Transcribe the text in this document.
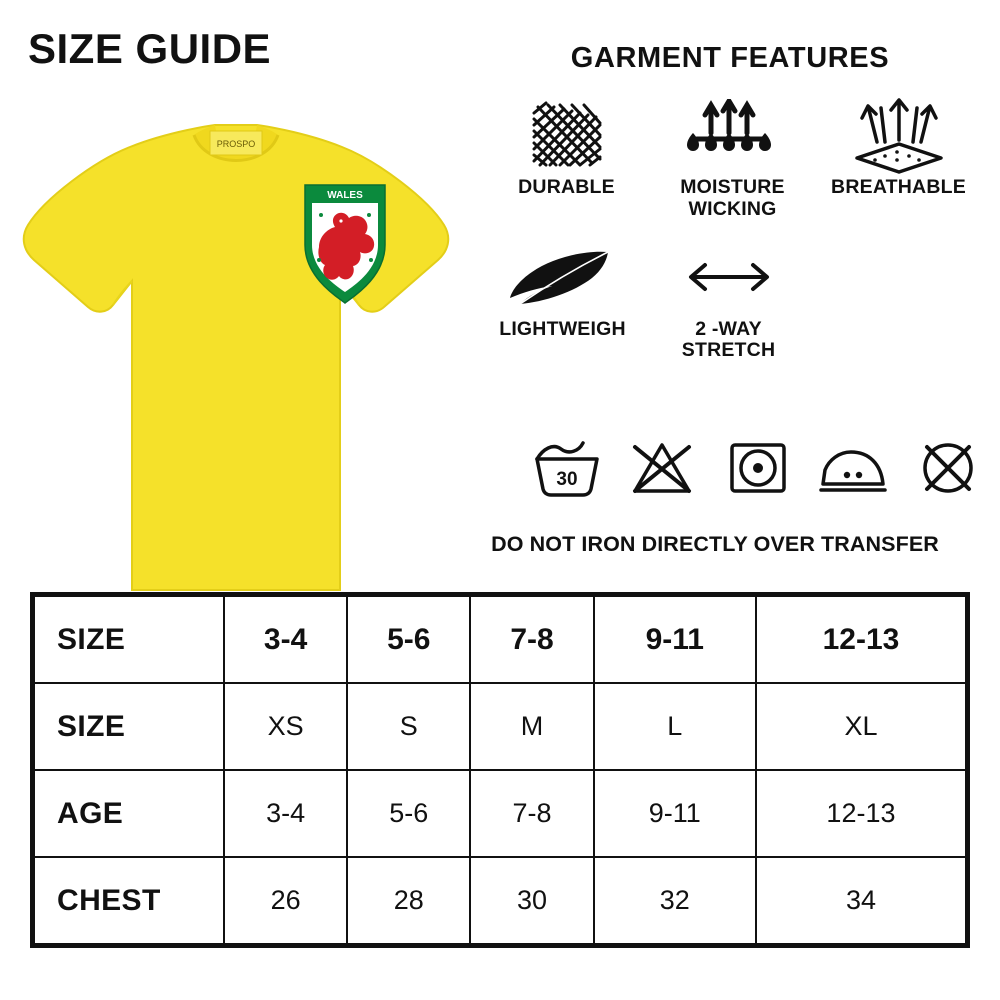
SIZE GUIDE	GARMENT FEATURES
PROSPO
WALES	DURABLE	MOISTURE WICKING
BREATHABLE
LIGHTWEIGH	2 -WAY STRETCH
30
DO NOT IRON DIRECTLY OVER TRANSFER
SIZE	3-4	5-6	7-8	9-11	12-13
SIZE	XS	S	M	L	XL
AGE	3-4	5-6	7-8	9-11	12-13
CHEST	26	28	30	32	34
